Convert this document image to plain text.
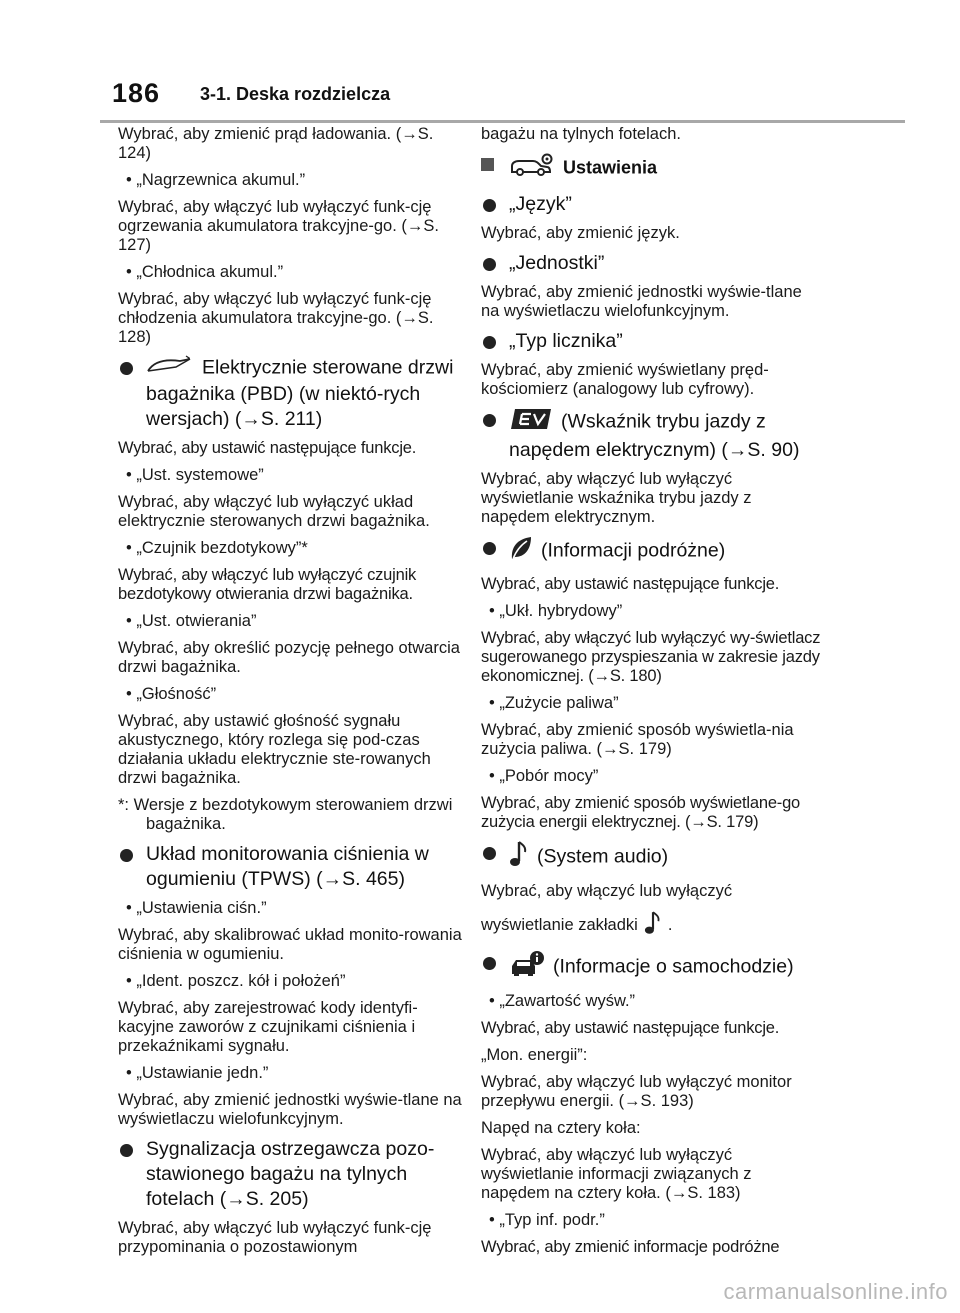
186 3-1. Deska rozdzielcza

Wybrać, aby zmienić prąd ładowania. (→S. 124)

• „Nagrzewnica akumul.”

Wybrać, aby włączyć lub wyłączyć funk-cję ogrzewania akumulatora trakcyjne-go. (→S. 127)

• „Chłodnica akumul.”

Wybrać, aby włączyć lub wyłączyć funk-cję chłodzenia akumulatora trakcyjne-go. (→S. 128)

Elektrycznie sterowane drzwi bagażnika (PBD) (w niektó-rych wersjach) (→S. 211)

Wybrać, aby ustawić następujące funkcje.

• „Ust. systemowe”

Wybrać, aby włączyć lub wyłączyć układ elektrycznie sterowanych drzwi bagażnika.

• „Czujnik bezdotykowy”*

Wybrać, aby włączyć lub wyłączyć czujnik bezdotykowy otwierania drzwi bagażnika.

• „Ust. otwierania”

Wybrać, aby określić pozycję pełnego otwarcia drzwi bagażnika.

• „Głośność”

Wybrać, aby ustawić głośność sygnału akustycznego, który rozlega się pod-czas działania układu elektrycznie ste-rowanych drzwi bagażnika.

*: Wersje z bezdotykowym sterowaniem drzwi bagażnika.
Układ monitorowania ciśnienia w ogumieniu (TPWS) (→S. 465)
• „Ustawienia ciśn.”

Wybrać, aby skalibrować układ monito-rowania ciśnienia w ogumieniu.

• „Ident. poszcz. kół i położeń”

Wybrać, aby zarejestrować kody identyfi-kacyjne zaworów z czujnikami ciśnienia i przekaźnikami sygnału.

• „Ustawianie jedn.”

Wybrać, aby zmienić jednostki wyświe-tlane na wyświetlaczu wielofunkcyjnym.

Sygnalizacja ostrzegawcza pozo-stawionego bagażu na tylnych fotelach (→S. 205)

Wybrać, aby włączyć lub wyłączyć funk-cję przypominania o pozostawionym

bagażu na tylnych fotelach.

Ustawienia
„Język”

Wybrać, aby zmienić język.

„Jednostki”

Wybrać, aby zmienić jednostki wyświe-tlane na wyświetlaczu wielofunkcyjnym.

„Typ licznika”

Wybrać, aby zmienić wyświetlany pręd-kościomierz (analogowy lub cyfrowy).

(Wskaźnik trybu jazdy z napędem elektrycznym) (→S. 90)

Wybrać, aby włączyć lub wyłączyć wyświetlanie wskaźnika trybu jazdy z napędem elektrycznym.

(Informacji podróżne)

Wybrać, aby ustawić następujące funkcje.

• „Ukł. hybrydowy”

Wybrać, aby włączyć lub wyłączyć wy-świetlacz sugerowanego przyspieszania w zakresie jazdy ekonomicznej. (→S. 180)

• „Zużycie paliwa”

Wybrać, aby zmienić sposób wyświetla-nia zużycia paliwa. (→S. 179)

• „Pobór mocy”

Wybrać, aby zmienić sposób wyświetlane-go zużycia energii elektrycznej. (→S. 179)

(System audio)

Wybrać, aby włączyć lub wyłączyć

wyświetlanie zakładki .

(Informacje o samochodzie)
• „Zawartość wyśw.”

Wybrać, aby ustawić następujące funkcje.

„Mon. energii”:

Wybrać, aby włączyć lub wyłączyć monitor przepływu energii. (→S. 193)

Napęd na cztery koła:

Wybrać, aby włączyć lub wyłączyć wyświetlanie informacji związanych z napędem na cztery koła. (→S. 183)

• „Typ inf. podr.”

Wybrać, aby zmienić informacje podróżne

carmanualsonline.info
